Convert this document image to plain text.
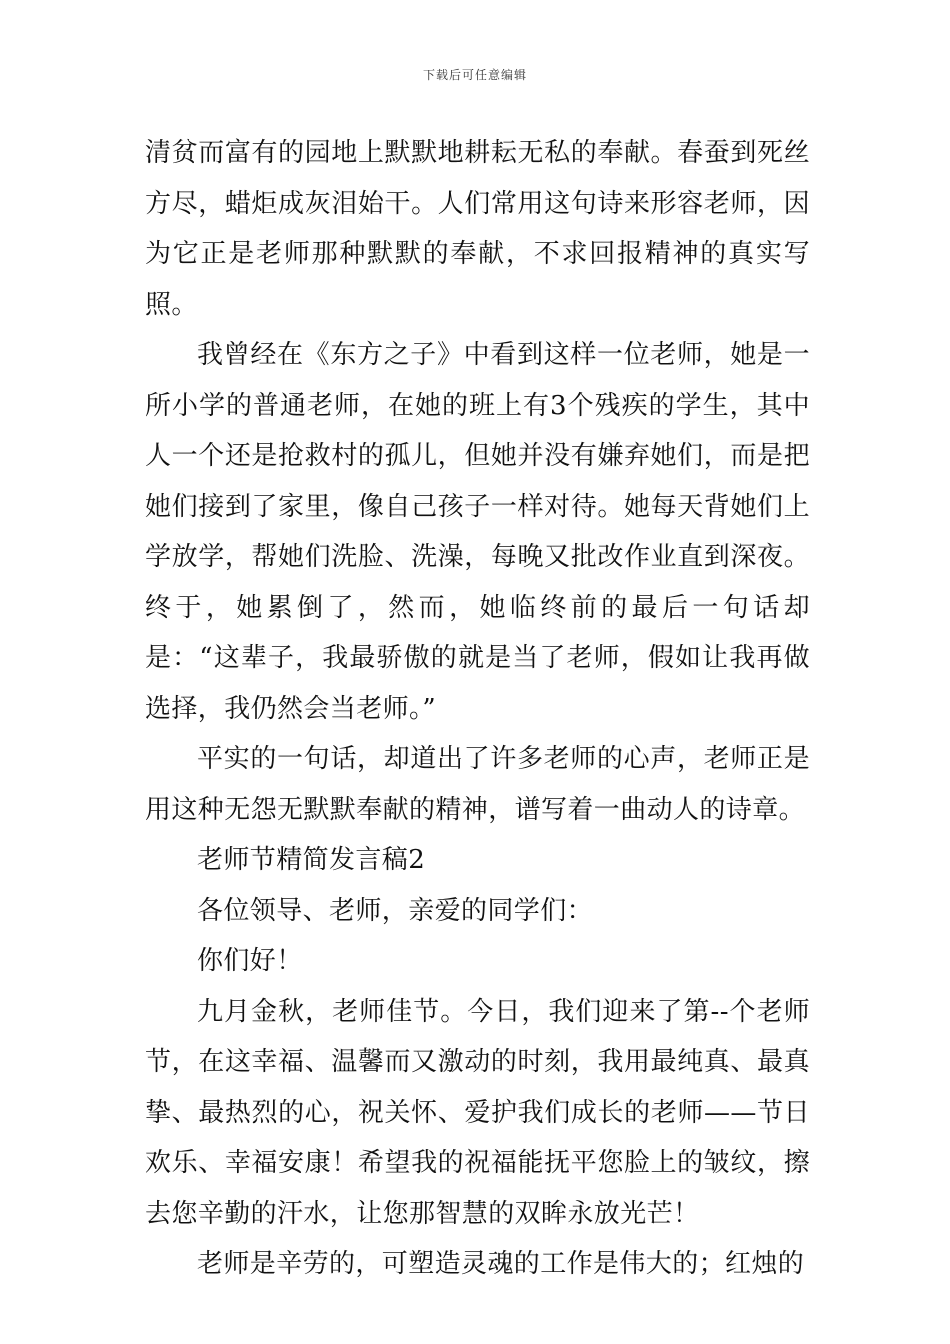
下载后可任意编辑

清贫而富有的园地上默默地耕耘无私的奉献。春蚕到死丝方尽，蜡炬成灰泪始干。人们常用这句诗来形容老师，因为它正是老师那种默默的奉献，不求回报精神的真实写照。

我曾经在《东方之子》中看到这样一位老师，她是一所小学的普通老师，在她的班上有3个残疾的学生，其中人一个还是抢救村的孤儿，但她并没有嫌弃她们，而是把她们接到了家里，像自己孩子一样对待。她每天背她们上学放学，帮她们洗脸、洗澡，每晚又批改作业直到深夜。终于，她累倒了，然而，她临终前的最后一句话却是：“这辈子，我最骄傲的就是当了老师，假如让我再做选择，我仍然会当老师。”

平实的一句话，却道出了许多老师的心声，老师正是用这种无怨无默默奉献的精神，谱写着一曲动人的诗章。

老师节精简发言稿2

各位领导、老师，亲爱的同学们：

你们好！

九月金秋，老师佳节。今日，我们迎来了第--个老师节，在这幸福、温馨而又激动的时刻，我用最纯真、最真挚、最热烈的心，祝关怀、爱护我们成长的老师——节日欢乐、幸福安康！希望我的祝福能抚平您脸上的皱纹，擦去您辛勤的汗水，让您那智慧的双眸永放光芒！

老师是辛劳的，可塑造灵魂的工作是伟大的；红烛的
